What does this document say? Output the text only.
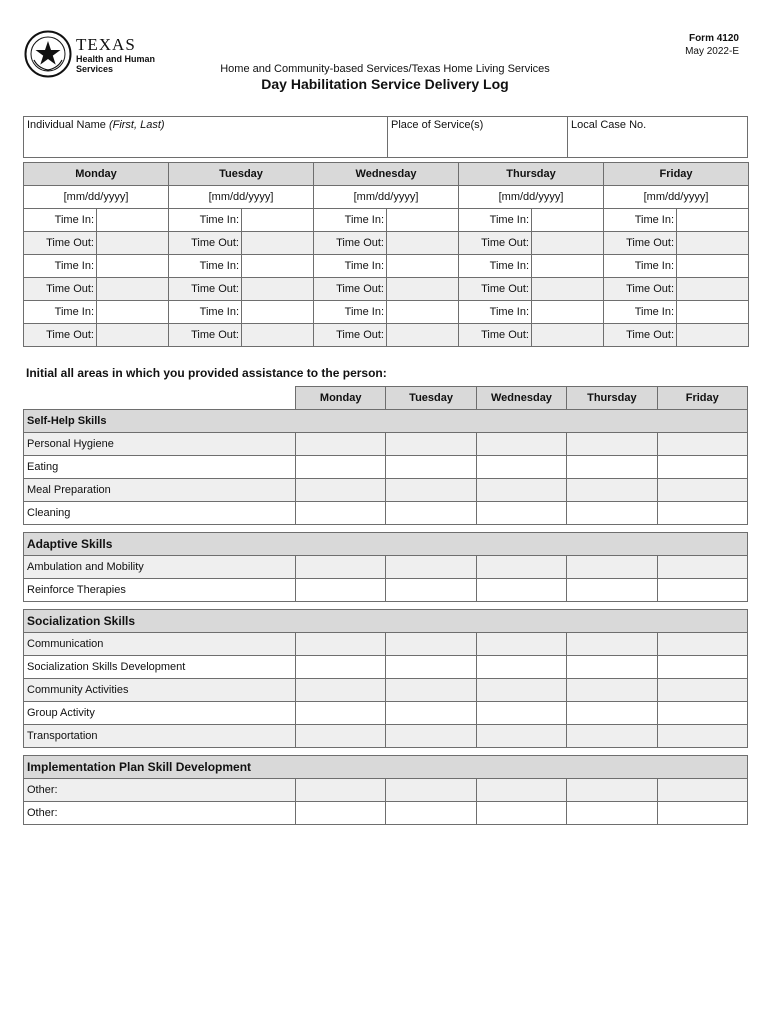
TEXAS
Health and Human
Services
Form 4120
May 2022-E
Home and Community-based Services/Texas Home Living Services
Day Habilitation Service Delivery Log
Individual Name (First, Last)	Place of Service(s)	Local Case No.
Monday		Tuesday		Wednesday		Thursday		Friday	
[mm/dd/yyyy]		[mm/dd/yyyy]		[mm/dd/yyyy]		[mm/dd/yyyy]		[mm/dd/yyyy]	
Time In:		Time In:		Time In:		Time In:		Time In:	
Time Out:		Time Out:		Time Out:		Time Out:		Time Out:	
Time In:		Time In:		Time In:		Time In:		Time In:	
Time Out:		Time Out:		Time Out:		Time Out:		Time Out:	
Time In:		Time In:		Time In:		Time In:		Time In:	
Time Out:		Time Out:		Time Out:		Time Out:		Time Out:	
Initial all areas in which you provided assistance to the person:
	Monday	Tuesday	Wednesday	Thursday	Friday
Self-Help Skills					
Personal Hygiene					
Eating					
Meal Preparation					
Cleaning					

Adaptive Skills					
Ambulation and Mobility					
Reinforce Therapies					

Socialization Skills					
Communication					
Socialization Skills Development					
Community Activities					
Group Activity					
Transportation					

Implementation Plan Skill Development					
Other:					
Other:					
